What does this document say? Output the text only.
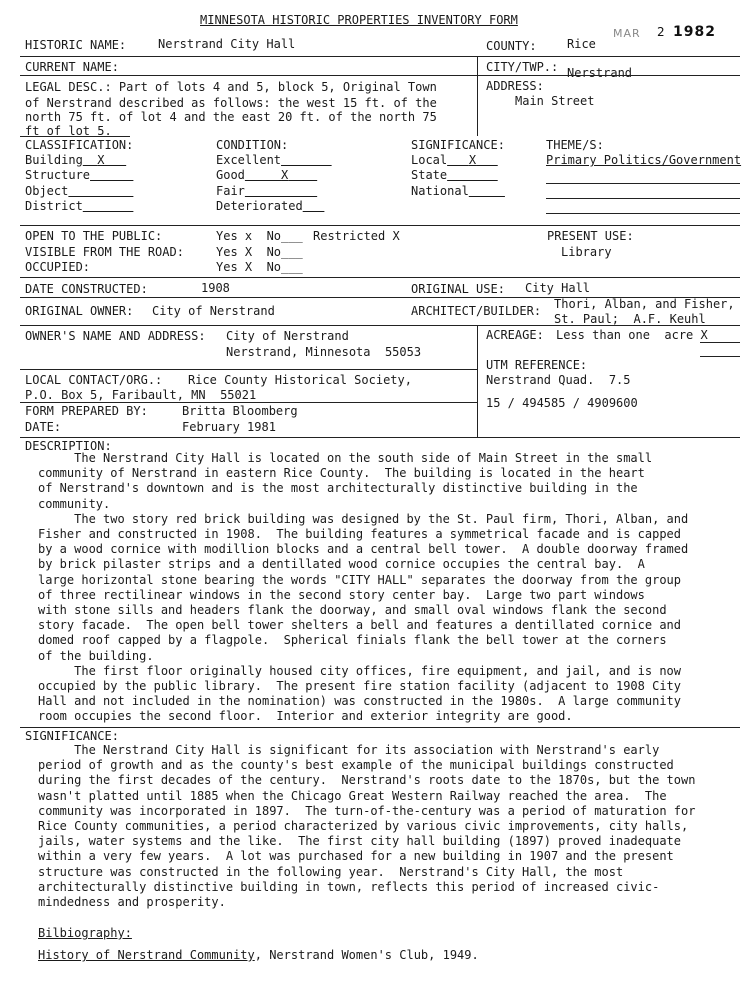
MINNESOTA HISTORIC PROPERTIES INVENTORY FORM
MAR 2 1982
HISTORIC NAME:	Nerstrand City Hall	COUNTY:	Rice
CURRENT NAME:	CITY/TWP.: Nerstrand
LEGAL DESC.: Part of lots 4 and 5, block 5, Original Town
of Nerstrand described as follows: the west 15 ft. of the
north 75 ft. of lot 4 and the east 20 ft. of the north 75
ft of lot 5.
ADDRESS:
Main Street
CLASSIFICATION:
Building X
Structure
Object
District
CONDITION:
Excellent
Good	X
Fair
Deteriorated
SIGNIFICANCE:
Local X
State
National
THEME/S:
Primary Politics/Government
OPEN TO THE PUBLIC:	Yes x  No___ Restricted X
VISIBLE FROM THE ROAD:	Yes X  No___
OCCUPIED:	Yes X  No___
PRESENT USE:
Library
DATE CONSTRUCTED:	1908	ORIGINAL USE: City Hall
ORIGINAL OWNER: City of Nerstrand	ARCHITECT/BUILDER: Thori, Alban, and Fisher,
St. Paul;  A.F. Keuhl
OWNER'S NAME AND ADDRESS: City of Nerstrand
Nerstrand, Minnesota  55053
ACREAGE: Less than one  acre X
UTM REFERENCE:
Nerstrand Quad.  7.5
15 / 494585 / 4909600
LOCAL CONTACT/ORG.: Rice County Historical Society,
P.O. Box 5, Faribault, MN  55021
FORM PREPARED BY:	Britta Bloomberg
DATE:	February 1981
DESCRIPTION:
The Nerstrand City Hall is located on the south side of Main Street in the small
community of Nerstrand in eastern Rice County.  The building is located in the heart
of Nerstrand's downtown and is the most architecturally distinctive building in the
community.
The two story red brick building was designed by the St. Paul firm, Thori, Alban, and
Fisher and constructed in 1908.  The building features a symmetrical facade and is capped
by a wood cornice with modillion blocks and a central bell tower.  A double doorway framed
by brick pilaster strips and a dentillated wood cornice occupies the central bay.  A
large horizontal stone bearing the words "CITY HALL" separates the doorway from the group
of three rectilinear windows in the second story center bay.  Large two part windows
with stone sills and headers flank the doorway, and small oval windows flank the second
story facade.  The open bell tower shelters a bell and features a dentillated cornice and
domed roof capped by a flagpole.  Spherical finials flank the bell tower at the corners
of the building.
The first floor originally housed city offices, fire equipment, and jail, and is now
occupied by the public library.  The present fire station facility (adjacent to 1908 City
Hall and not included in the nomination) was constructed in the 1980s.  A large community
room occupies the second floor.  Interior and exterior integrity are good.
SIGNIFICANCE:
The Nerstrand City Hall is significant for its association with Nerstrand's early
period of growth and as the county's best example of the municipal buildings constructed
during the first decades of the century.  Nerstrand's roots date to the 1870s, but the town
wasn't platted until 1885 when the Chicago Great Western Railway reached the area.  The
community was incorporated in 1897.  The turn-of-the-century was a period of maturation for
Rice County communities, a period characterized by various civic improvements, city halls,
jails, water systems and the like.  The first city hall building (1897) proved inadequate
within a very few years.  A lot was purchased for a new building in 1907 and the present
structure was constructed in the following year.  Nerstrand's City Hall, the most
architecturally distinctive building in town, reflects this period of increased civic-
mindedness and prosperity.
Bilbiography:
History of Nerstrand Community, Nerstrand Women's Club, 1949.
